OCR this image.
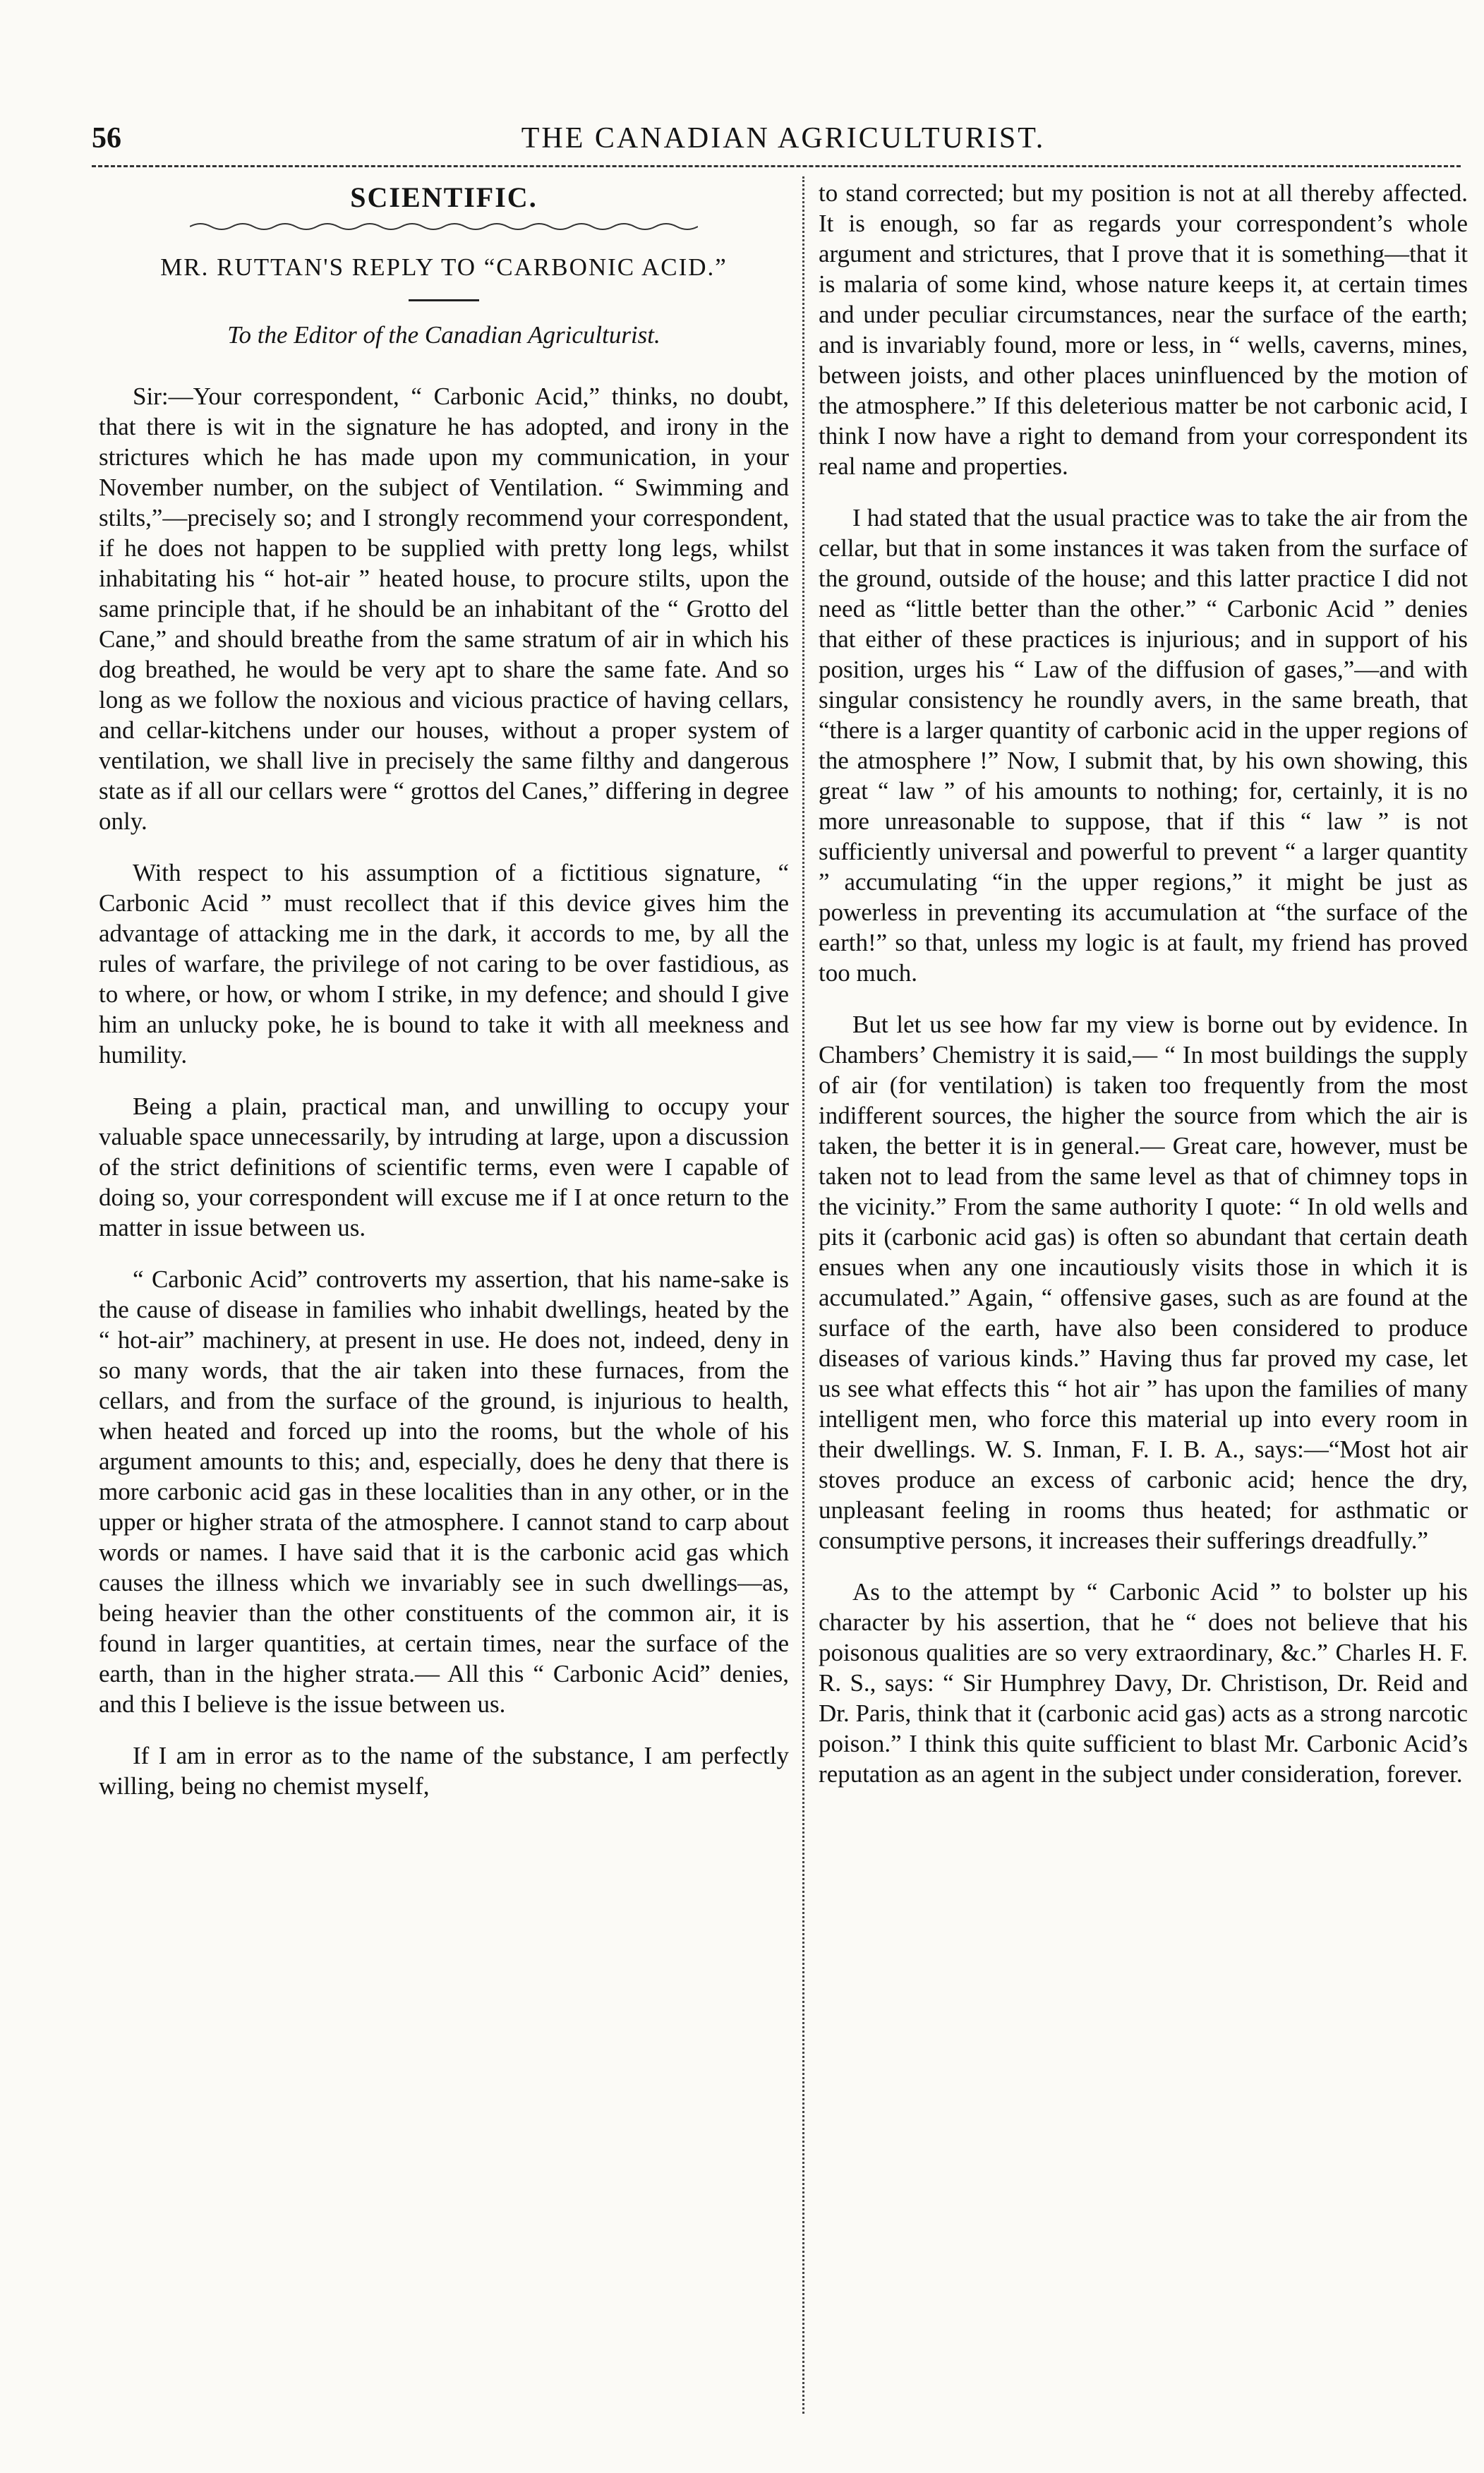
56	THE CANADIAN AGRICULTURIST.
SCIENTIFIC.
MR. RUTTAN'S REPLY TO “CARBONIC ACID.”
To the Editor of the Canadian Agriculturist.

Sir:—Your correspondent, “ Carbonic Acid,” thinks, no doubt, that there is wit in the signature he has adopted, and irony in the strictures which he has made upon my communication, in your November number, on the subject of Ventilation. “ Swimming and stilts,”—precisely so; and I strongly recommend your correspondent, if he does not happen to be supplied with pretty long legs, whilst inhabitating his “ hot-air ” heated house, to procure stilts, upon the same principle that, if he should be an inhabitant of the “ Grotto del Cane,” and should breathe from the same stratum of air in which his dog breathed, he would be very apt to share the same fate. And so long as we follow the noxious and vicious practice of having cellars, and cellar-kitchens under our houses, without a proper system of ventilation, we shall live in precisely the same filthy and dangerous state as if all our cellars were “ grottos del Canes,” differing in degree only.

With respect to his assumption of a fictitious signature, “ Carbonic Acid ” must recollect that if this device gives him the advantage of attacking me in the dark, it accords to me, by all the rules of warfare, the privilege of not caring to be over fastidious, as to where, or how, or whom I strike, in my defence; and should I give him an unlucky poke, he is bound to take it with all meekness and humility.

Being a plain, practical man, and unwilling to occupy your valuable space unnecessarily, by intruding at large, upon a discussion of the strict definitions of scientific terms, even were I capable of doing so, your correspondent will excuse me if I at once return to the matter in issue between us.

“ Carbonic Acid” controverts my assertion, that his name-sake is the cause of disease in families who inhabit dwellings, heated by the “ hot-air” machinery, at present in use. He does not, indeed, deny in so many words, that the air taken into these furnaces, from the cellars, and from the surface of the ground, is injurious to health, when heated and forced up into the rooms, but the whole of his argument amounts to this; and, especially, does he deny that there is more carbonic acid gas in these localities than in any other, or in the upper or higher strata of the atmosphere. I cannot stand to carp about words or names. I have said that it is the carbonic acid gas which causes the illness which we invariably see in such dwellings—as, being heavier than the other constituents of the common air, it is found in larger quantities, at certain times, near the surface of the earth, than in the higher strata.— All this “ Carbonic Acid” denies, and this I believe is the issue between us.

If I am in error as to the name of the substance, I am perfectly willing, being no chemist myself,

to stand corrected; but my position is not at all thereby affected. It is enough, so far as regards your correspondent’s whole argument and strictures, that I prove that it is something—that it is malaria of some kind, whose nature keeps it, at certain times and under peculiar circumstances, near the surface of the earth; and is invariably found, more or less, in “ wells, caverns, mines, between joists, and other places uninfluenced by the motion of the atmosphere.” If this deleterious matter be not carbonic acid, I think I now have a right to demand from your correspondent its real name and properties.

I had stated that the usual practice was to take the air from the cellar, but that in some instances it was taken from the surface of the ground, outside of the house; and this latter practice I did not need as “little better than the other.” “ Carbonic Acid ” denies that either of these practices is injurious; and in support of his position, urges his “ Law of the diffusion of gases,”—and with singular consistency he roundly avers, in the same breath, that “there is a larger quantity of carbonic acid in the upper regions of the atmosphere !” Now, I submit that, by his own showing, this great “ law ” of his amounts to nothing; for, certainly, it is no more unreasonable to suppose, that if this “ law ” is not sufficiently universal and powerful to prevent “ a larger quantity ” accumulating “in the upper regions,” it might be just as powerless in preventing its accumulation at “the surface of the earth!” so that, unless my logic is at fault, my friend has proved too much.

But let us see how far my view is borne out by evidence. In Chambers’ Chemistry it is said,— “ In most buildings the supply of air (for ventilation) is taken too frequently from the most indifferent sources, the higher the source from which the air is taken, the better it is in general.— Great care, however, must be taken not to lead from the same level as that of chimney tops in the vicinity.” From the same authority I quote: “ In old wells and pits it (carbonic acid gas) is often so abundant that certain death ensues when any one incautiously visits those in which it is accumulated.” Again, “ offensive gases, such as are found at the surface of the earth, have also been considered to produce diseases of various kinds.” Having thus far proved my case, let us see what effects this “ hot air ” has upon the families of many intelligent men, who force this material up into every room in their dwellings. W. S. Inman, F. I. B. A., says:—“Most hot air stoves produce an excess of carbonic acid; hence the dry, unpleasant feeling in rooms thus heated; for asthmatic or consumptive persons, it increases their sufferings dreadfully.”

As to the attempt by “ Carbonic Acid ” to bolster up his character by his assertion, that he “ does not believe that his poisonous qualities are so very extraordinary, &c.” Charles H. F. R. S., says: “ Sir Humphrey Davy, Dr. Christison, Dr. Reid and Dr. Paris, think that it (carbonic acid gas) acts as a strong narcotic poison.” I think this quite sufficient to blast Mr. Carbonic Acid’s reputation as an agent in the subject under consideration, forever.
